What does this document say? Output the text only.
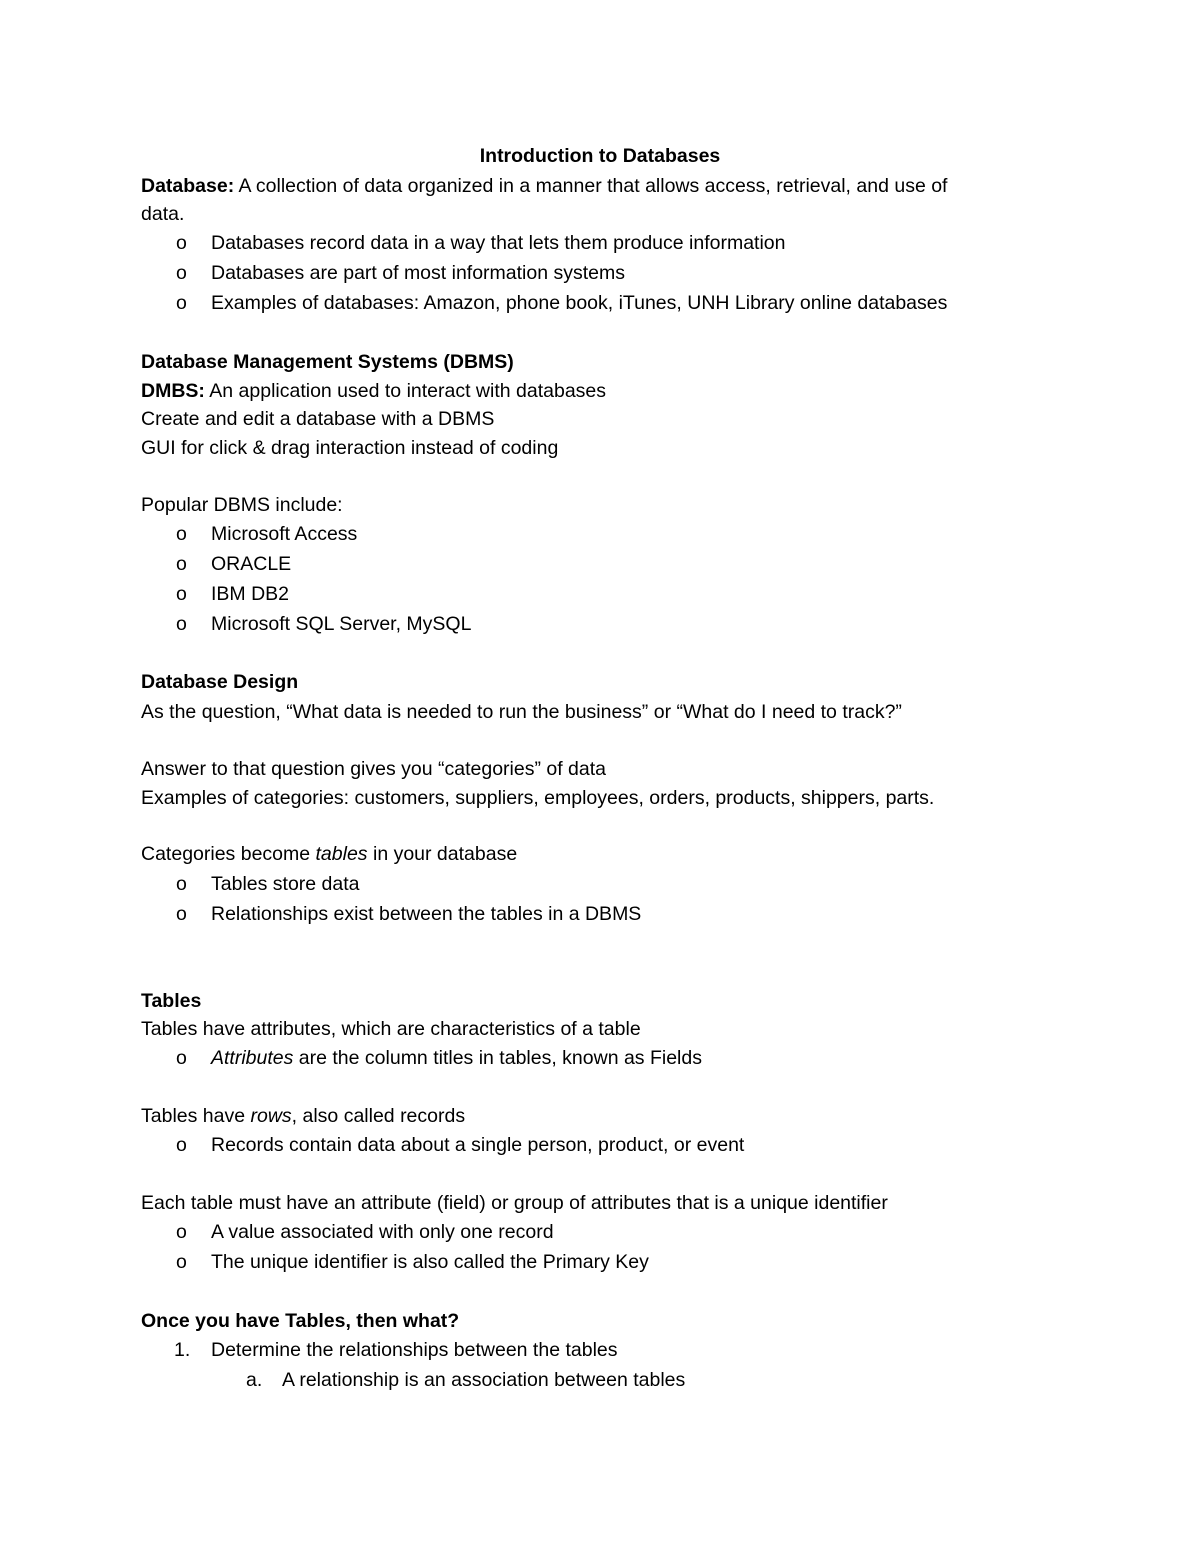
Introduction to Databases
Database: A collection of data organized in a manner that allows access, retrieval, and use of
data.
o Databases record data in a way that lets them produce information
o Databases are part of most information systems
o Examples of databases: Amazon, phone book, iTunes, UNH Library online databases
Database Management Systems (DBMS)
DMBS: An application used to interact with databases
Create and edit a database with a DBMS
GUI for click & drag interaction instead of coding
Popular DBMS include:
o Microsoft Access
o ORACLE
o IBM DB2
o Microsoft SQL Server, MySQL
Database Design
As the question, “What data is needed to run the business” or “What do I need to track?”
Answer to that question gives you “categories” of data
Examples of categories: customers, suppliers, employees, orders, products, shippers, parts.
Categories become tables in your database
o Tables store data
o Relationships exist between the tables in a DBMS
Tables
Tables have attributes, which are characteristics of a table
o Attributes are the column titles in tables, known as Fields
Tables have rows, also called records
o Records contain data about a single person, product, or event
Each table must have an attribute (field) or group of attributes that is a unique identifier
o A value associated with only one record
o The unique identifier is also called the Primary Key
Once you have Tables, then what?
1. Determine the relationships between the tables
a. A relationship is an association between tables
